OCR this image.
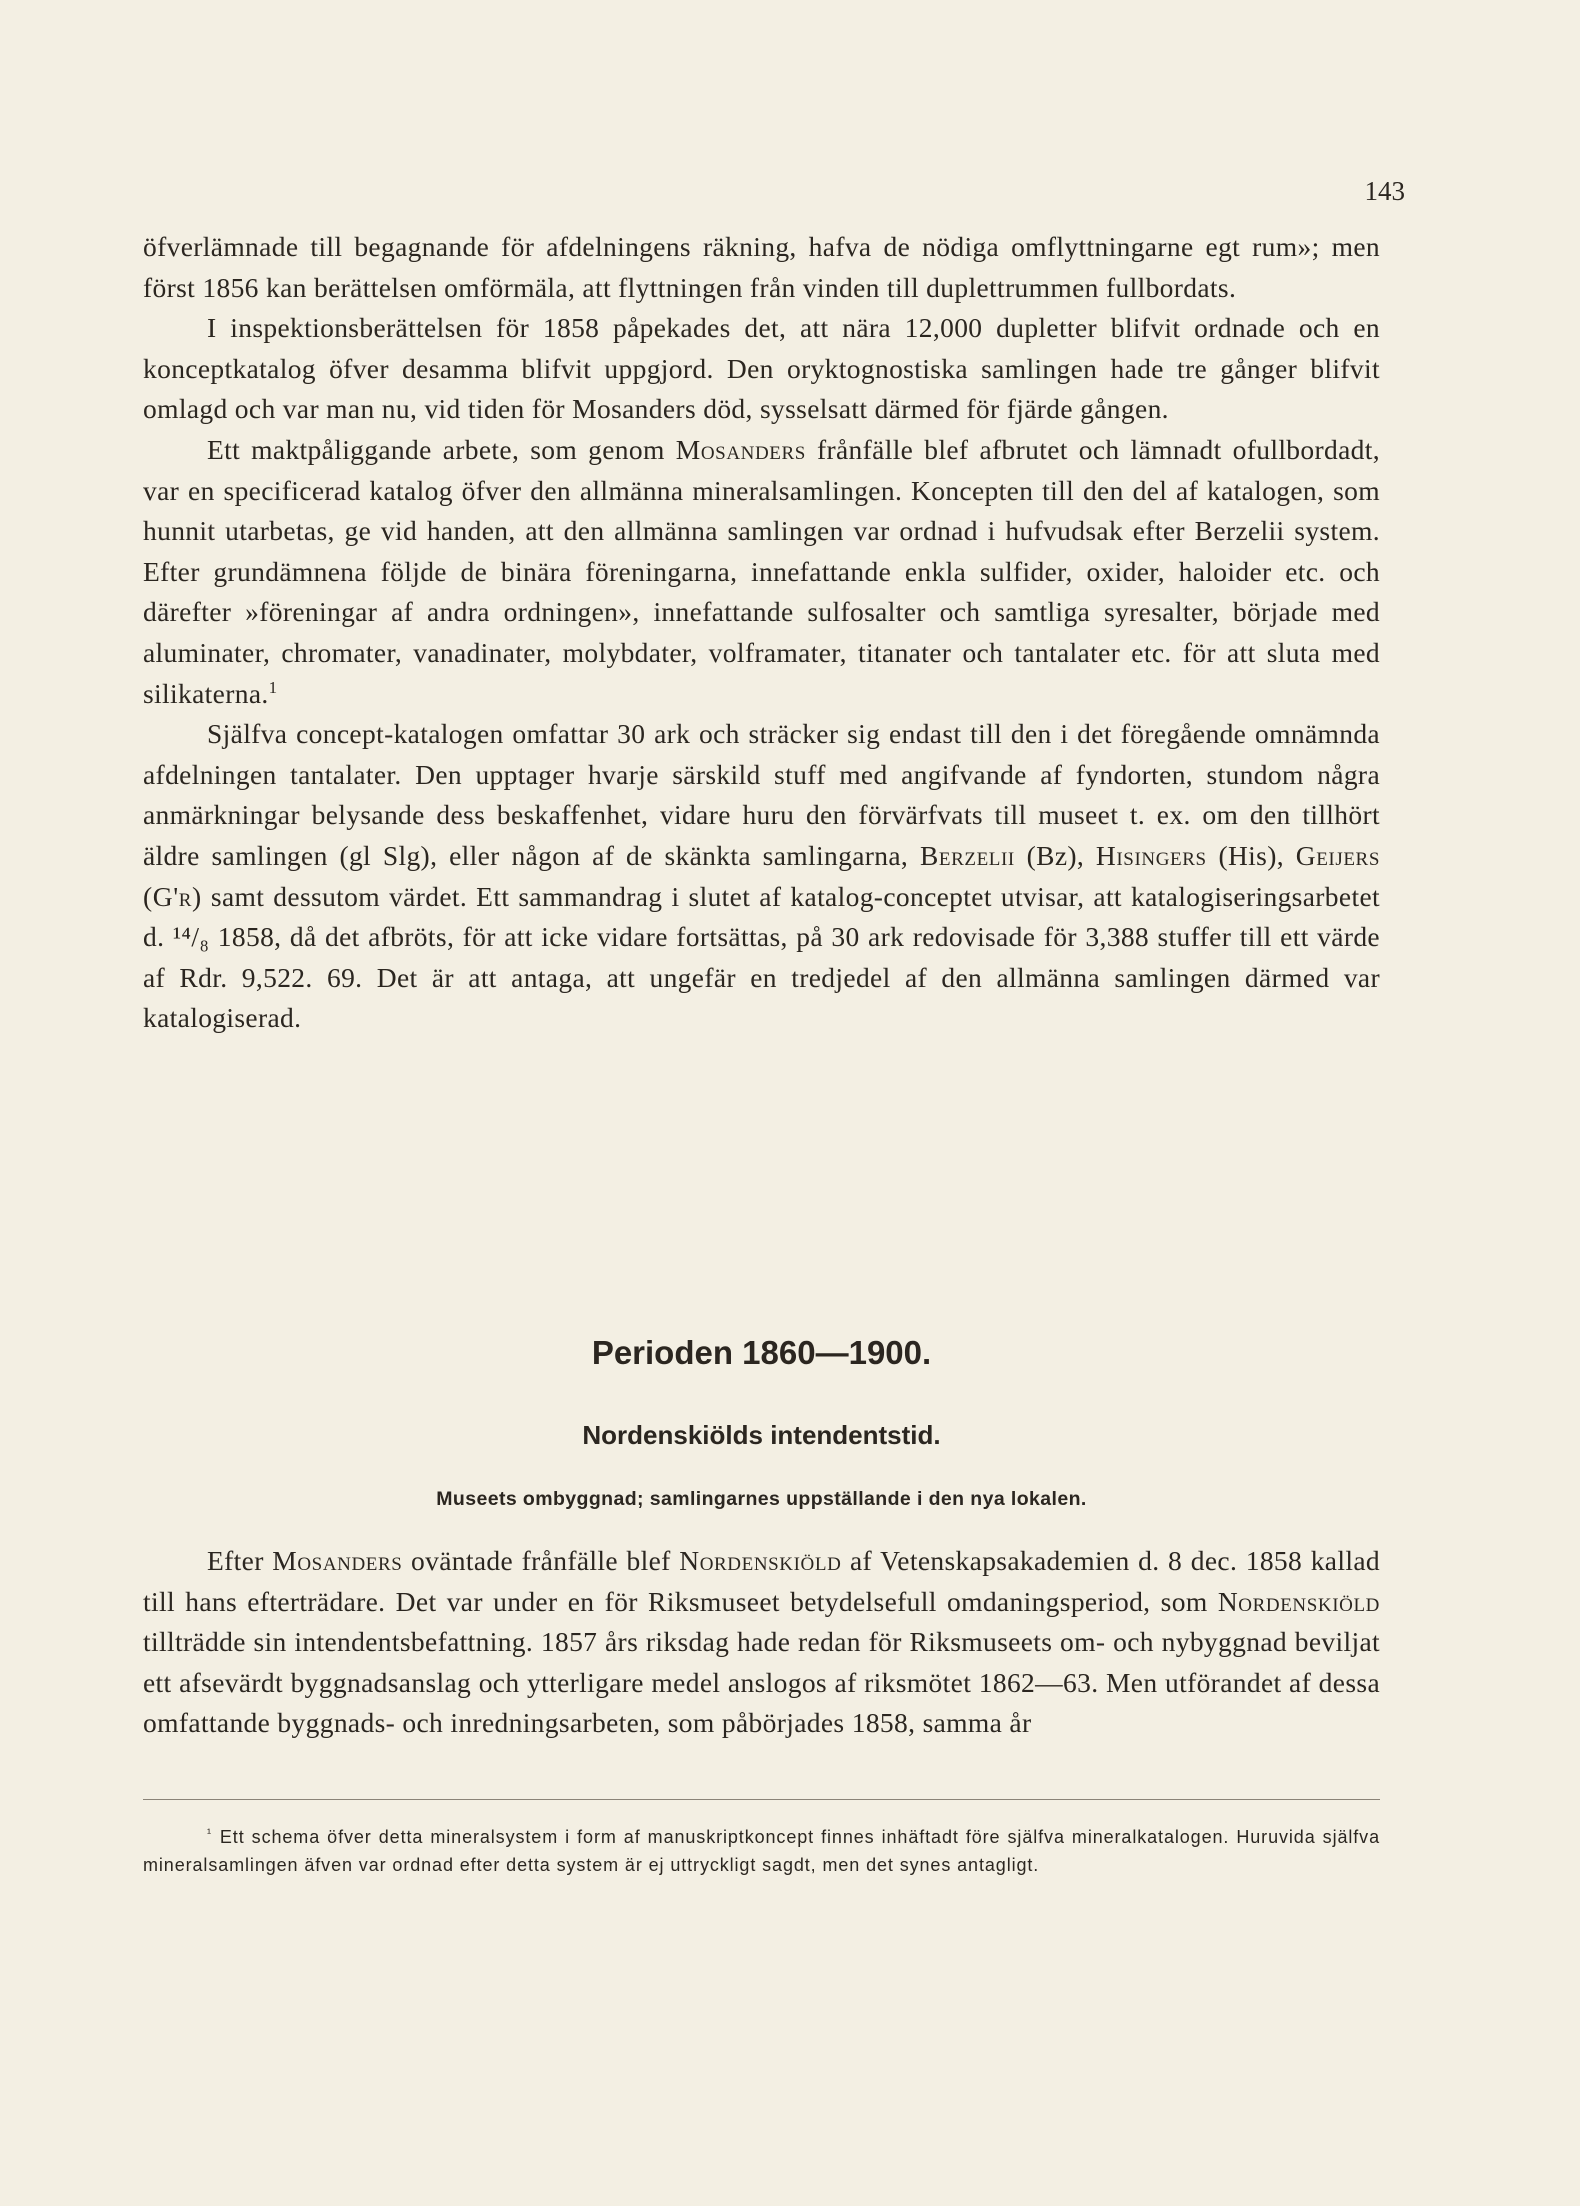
143

öfverlämnade till begagnande för afdelningens räkning, hafva de nödiga omflyttningarne egt rum»; men först 1856 kan berättelsen omförmäla, att flyttningen från vinden till duplettrummen fullbordats.

I inspektionsberättelsen för 1858 påpekades det, att nära 12,000 dupletter blifvit ordnade och en konceptkatalog öfver desamma blifvit uppgjord. Den oryktognostiska samlingen hade tre gånger blifvit omlagd och var man nu, vid tiden för Mosanders död, sysselsatt därmed för fjärde gången.

Ett maktpåliggande arbete, som genom Mosanders frånfälle blef afbrutet och lämnadt ofullbordadt, var en specificerad katalog öfver den allmänna mineralsamlingen. Koncepten till den del af katalogen, som hunnit utarbetas, ge vid handen, att den allmänna samlingen var ordnad i hufvudsak efter Berzelii system. Efter grundämnena följde de binära föreningarna, innefattande enkla sulfider, oxider, haloider etc. och därefter »föreningar af andra ordningen», innefattande sulfosalter och samtliga syresalter, började med aluminater, chromater, vanadinater, molybdater, volframater, titanater och tantalater etc. för att sluta med silikaterna.$^1$

Själfva concept-katalogen omfattar 30 ark och sträcker sig endast till den i det föregående omnämnda afdelningen tantalater. Den upptager hvarje särskild stuff med angifvande af fyndorten, stundom några anmärkningar belysande dess beskaffenhet, vidare huru den förvärfvats till museet t. ex. om den tillhört äldre samlingen (gl Slg), eller någon af de skänkta samlingarna, Berzelii (Bz), Hisingers (His), Geijers (G'r) samt dessutom värdet. Ett sammandrag i slutet af katalog-conceptet utvisar, att katalogiseringsarbetet d. ¹⁴/₈ 1858, då det afbröts, för att icke vidare fortsättas, på 30 ark redovisade för 3,388 stuffer till ett värde af Rdr. 9,522. 69. Det är att antaga, att ungefär en tredjedel af den allmänna samlingen därmed var katalogiserad.

Perioden 1860—1900.
Nordenskiölds intendentstid.
Museets ombyggnad; samlingarnes uppställande i den nya lokalen.

Efter Mosanders oväntade frånfälle blef Nordenskiöld af Vetenskapsakademien d. 8 dec. 1858 kallad till hans efterträdare. Det var under en för Riksmuseet betydelsefull omdaningsperiod, som Nordenskiöld tillträdde sin intendentsbefattning. 1857 års riksdag hade redan för Riksmuseets om- och nybyggnad beviljat ett afsevärdt byggnadsanslag och ytterligare medel anslogos af riksmötet 1862—63. Men utförandet af dessa omfattande byggnads- och inredningsarbeten, som påbörjades 1858, samma år

$^{^1}$ Ett schema öfver detta mineralsystem i form af manuskriptkoncept finnes inhäftadt före själfva mineralkatalogen. Huruvida själfva mineralsamlingen äfven var ordnad efter detta system är ej uttryckligt sagdt, men det synes antagligt.
